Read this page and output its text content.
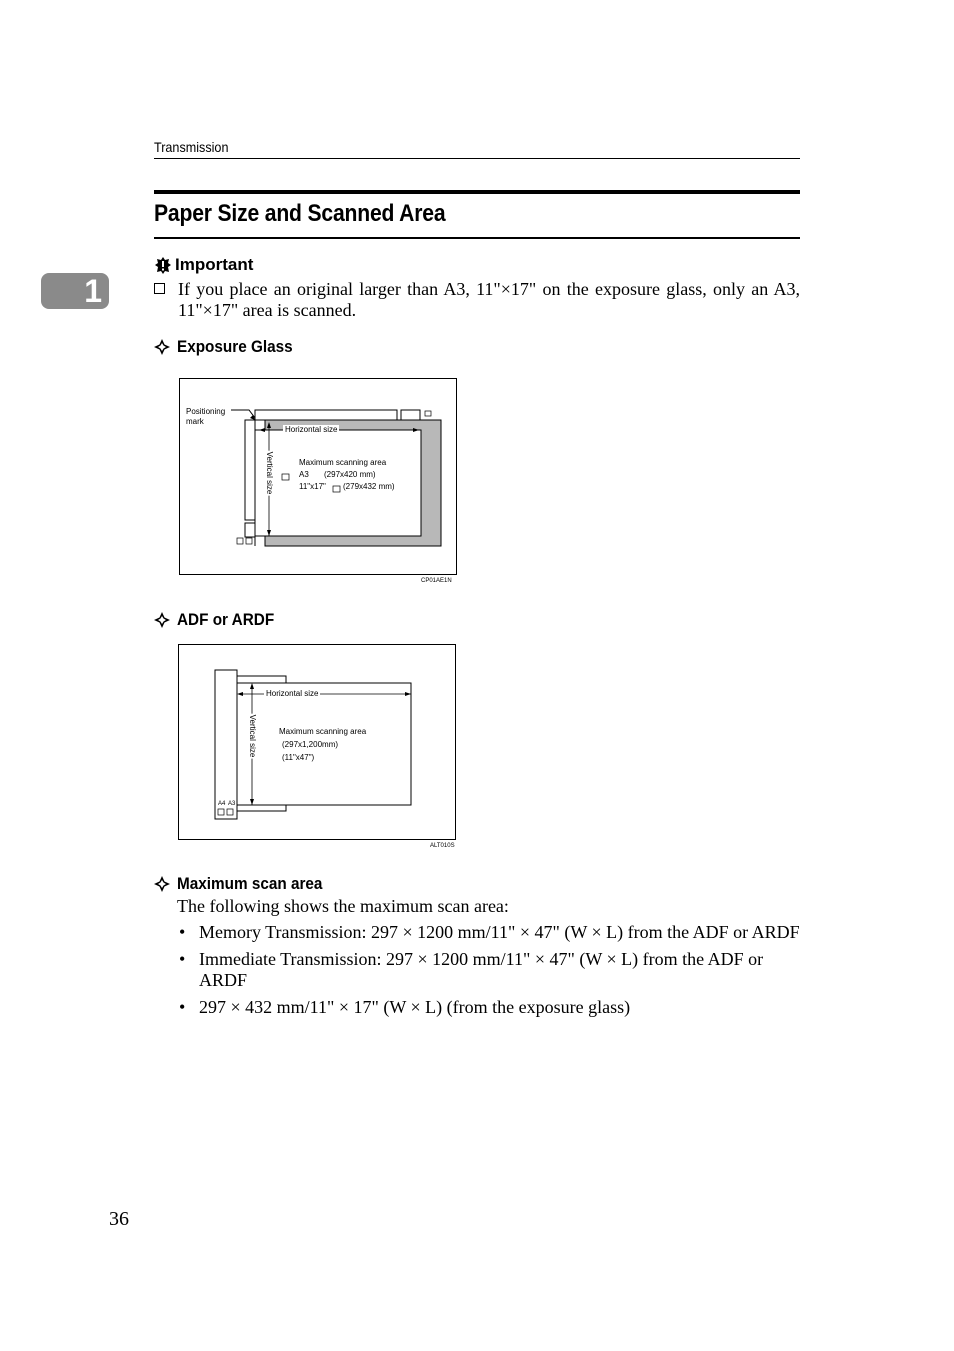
Transmission
Paper Size and Scanned Area
1
Important
If you place an original larger than A3, 11"×17" on the exposure glass, only an A3, 11"×17" area is scanned.
Exposure Glass
Positioning
mark
Horizontal size
Vertical size	Maximum scanning area
A3 (297x420 mm)
11"x17" (279x432 mm)
CP01AE1N
ADF or ARDF
Horizontal size
Vertical size	Maximum scanning area
(297x1,200mm)
(11"x47")
A4 A3
ALT010S
Maximum scan area
The following shows the maximum scan area:
• Memory Transmission: 297 × 1200 mm/11" × 47" (W × L) from the ADF or ARDF
• Immediate Transmission: 297 × 1200 mm/11" × 47" (W × L) from the ADF or ARDF
• 297 × 432 mm/11" × 17" (W × L) (from the exposure glass)
36
